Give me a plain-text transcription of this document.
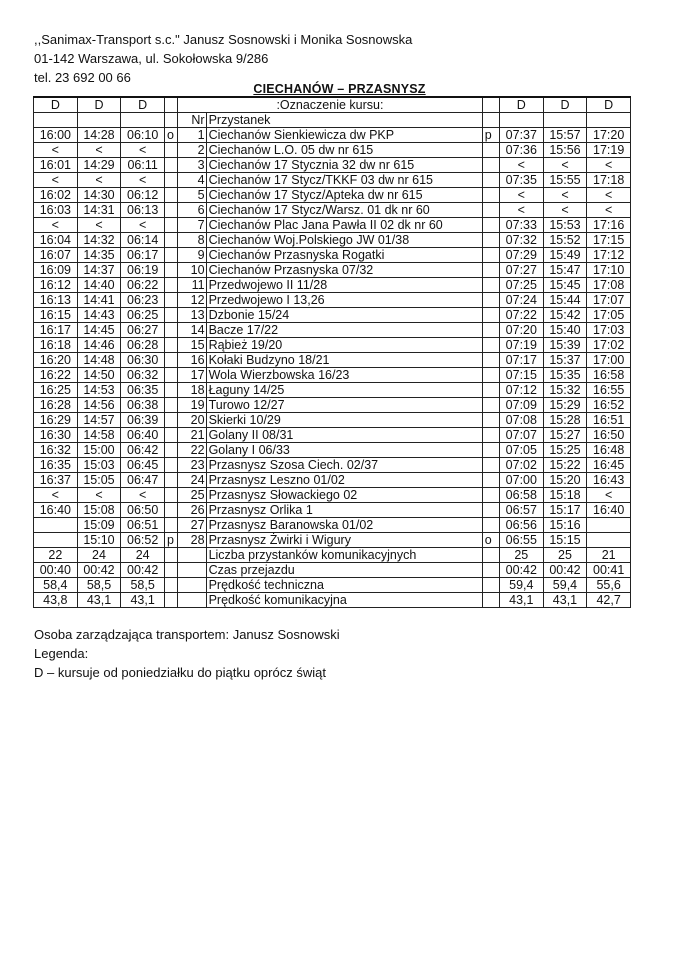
,,Sanimax-Transport s.c." Janusz Sosnowski i Monika Sosnowska
01-142 Warszawa, ul. Sokołowska 9/286
tel. 23 692 00 66
CIECHANÓW – PRZASNYSZ
D	D	D		:Oznaczenie kursu:			D	D	D
				Nr	Przystanek				
16:00	14:28	06:10	o	1	Ciechanów Sienkiewicza dw PKP	p	07:37	15:57	17:20
<	<	<		2	Ciechanów L.O. 05 dw nr 615		07:36	15:56	17:19
16:01	14:29	06:11		3	Ciechanów 17 Stycznia 32 dw nr 615		<	<	<
<	<	<		4	Ciechanów 17 Stycz/TKKF 03 dw nr 615		07:35	15:55	17:18
16:02	14:30	06:12		5	Ciechanów 17 Stycz/Apteka dw nr 615		<	<	<
16:03	14:31	06:13		6	Ciechanów 17 Stycz/Warsz. 01 dk nr 60		<	<	<
<	<	<		7	Ciechanów Plac Jana Pawła II 02 dk nr 60		07:33	15:53	17:16
16:04	14:32	06:14		8	Ciechanów Woj.Polskiego JW 01/38		07:32	15:52	17:15
16:07	14:35	06:17		9	Ciechanów Przasnyska Rogatki		07:29	15:49	17:12
16:09	14:37	06:19		10	Ciechanów Przasnyska 07/32		07:27	15:47	17:10
16:12	14:40	06:22		11	Przedwojewo II 11/28		07:25	15:45	17:08
16:13	14:41	06:23		12	Przedwojewo I 13,26		07:24	15:44	17:07
16:15	14:43	06:25		13	Dzbonie 15/24		07:22	15:42	17:05
16:17	14:45	06:27		14	Bacze 17/22		07:20	15:40	17:03
16:18	14:46	06:28		15	Rąbież 19/20		07:19	15:39	17:02
16:20	14:48	06:30		16	Kołaki Budzyno 18/21		07:17	15:37	17:00
16:22	14:50	06:32		17	Wola Wierzbowska 16/23		07:15	15:35	16:58
16:25	14:53	06:35		18	Łaguny 14/25		07:12	15:32	16:55
16:28	14:56	06:38		19	Turowo 12/27		07:09	15:29	16:52
16:29	14:57	06:39		20	Skierki 10/29		07:08	15:28	16:51
16:30	14:58	06:40		21	Golany II 08/31		07:07	15:27	16:50
16:32	15:00	06:42		22	Golany I 06/33		07:05	15:25	16:48
16:35	15:03	06:45		23	Przasnysz Szosa Ciech. 02/37		07:02	15:22	16:45
16:37	15:05	06:47		24	Przasnysz Leszno 01/02		07:00	15:20	16:43
<	<	<		25	Przasnysz Słowackiego 02		06:58	15:18	<
16:40	15:08	06:50		26	Przasnysz Orlika 1		06:57	15:17	16:40
	15:09	06:51		27	Przasnysz Baranowska 01/02		06:56	15:16	
	15:10	06:52	p	28	Przasnysz Żwirki i Wigury	o	06:55	15:15	
22	24	24			Liczba przystanków komunikacyjnych		25	25	21
00:40	00:42	00:42			Czas przejazdu		00:42	00:42	00:41
58,4	58,5	58,5			Prędkość techniczna		59,4	59,4	55,6
43,8	43,1	43,1			Prędkość komunikacyjna		43,1	43,1	42,7
Osoba zarządzająca transportem: Janusz Sosnowski
Legenda:
D – kursuje od poniedziałku do piątku oprócz świąt
